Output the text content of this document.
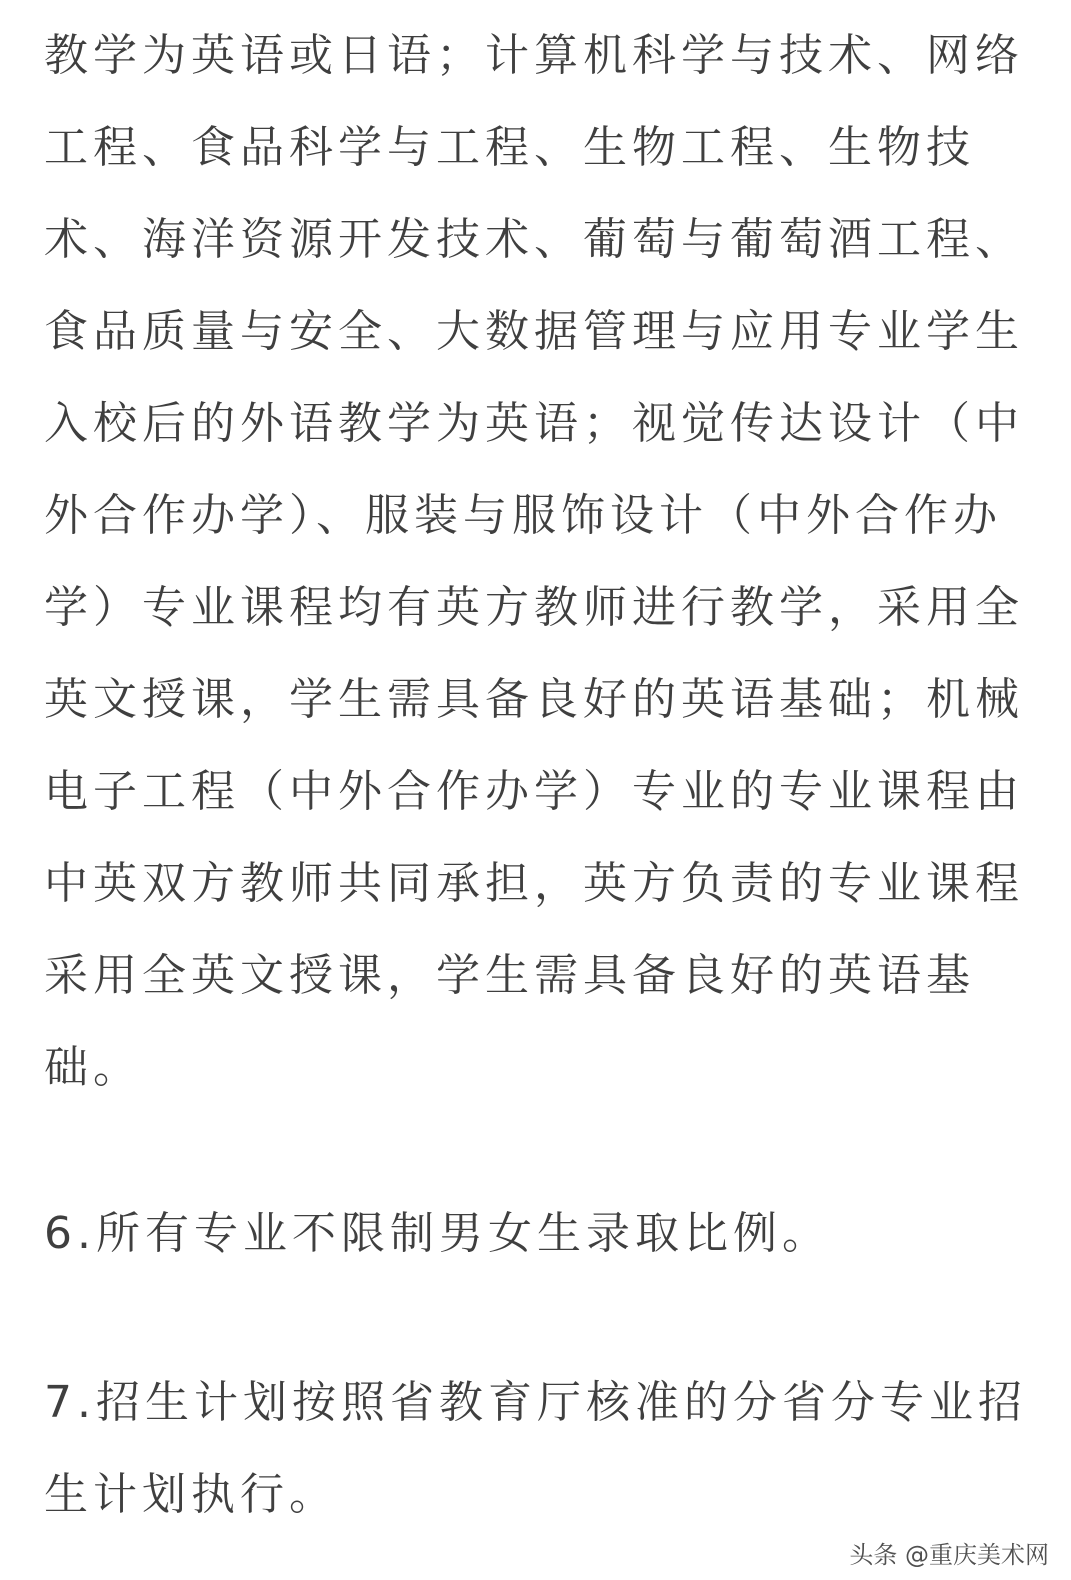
教学为英语或日语；计算机科学与技术、网络
工程、食品科学与工程、生物工程、生物技
术、海洋资源开发技术、葡萄与葡萄酒工程、
食品质量与安全、大数据管理与应用专业学生
入校后的外语教学为英语；视觉传达设计（中
外合作办学）、服装与服饰设计（中外合作办
学）专业课程均有英方教师进行教学，采用全
英文授课，学生需具备良好的英语基础；机械
电子工程（中外合作办学）专业的专业课程由
中英双方教师共同承担，英方负责的专业课程
采用全英文授课，学生需具备良好的英语基
础。
6.所有专业不限制男女生录取比例。
7.招生计划按照省教育厅核准的分省分专业招
生计划执行。
头条 @重庆美术网
